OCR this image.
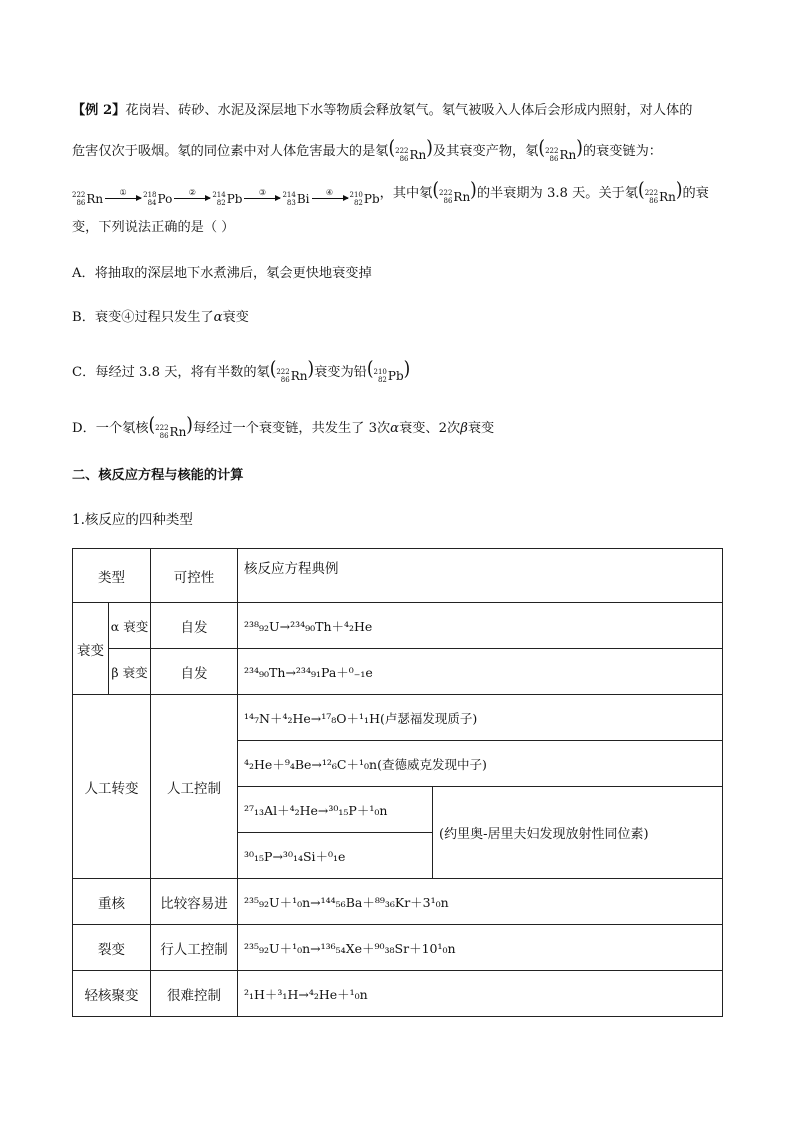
【例 2】花岗岩、砖砂、水泥及深层地下水等物质会释放氡气。氡气被吸入人体后会形成内照射，对人体的
危害仅次于吸烟。氡的同位素中对人体危害最大的是氡( 222
86 Rn )及其衰变产物，氡( 222
86 Rn )的衰变链为：
222
86 Rn ① 218
84 Po ② 214
82 Pb ③ 214
83 Bi ④ 210
82 Pb ，其中氡( 222
86 Rn )的半衰期为 3.8 天。关于氡( 222
86 Rn )的衰
变，下列说法正确的是（ ）
A．将抽取的深层地下水煮沸后，氡会更快地衰变掉
B．衰变④过程只发生了α衰变
C．每经过 3.8 天，将有半数的氡( 222
86 Rn )衰变为铅( 210
82 Pb )
D．一个氡核( 222
86 Rn )每经过一个衰变链，共发生了 3次α衰变、2次β衰变
二、核反应方程与核能的计算
1.核反应的四种类型
类型		可控性	核反应方程典例	
衰变	α 衰变	自发	²³⁸₉₂U→²³⁴₉₀Th＋⁴₂He	
	β 衰变	自发	²³⁴₉₀Th→²³⁴₉₁Pa＋⁰₋₁e	
人工转变		人工控制	¹⁴₇N＋⁴₂He→¹⁷₈O＋¹₁H(卢瑟福发现质子)	
			⁴₂He＋⁹₄Be→¹²₆C＋¹₀n(查德威克发现中子)	
			²⁷₁₃Al＋⁴₂He→³⁰₁₅P＋¹₀n	(约里奥-居里夫妇发现放射性同位素)
			³⁰₁₅P→³⁰₁₄Si＋⁰₁e	
重核		比较容易进	²³⁵₉₂U＋¹₀n→¹⁴⁴₅₆Ba＋⁸⁹₃₆Kr＋3¹₀n	
裂变		行人工控制	²³⁵₉₂U＋¹₀n→¹³⁶₅₄Xe＋⁹⁰₃₈Sr＋10¹₀n	
轻核聚变		很难控制	²₁H＋³₁H→⁴₂He＋¹₀n	
